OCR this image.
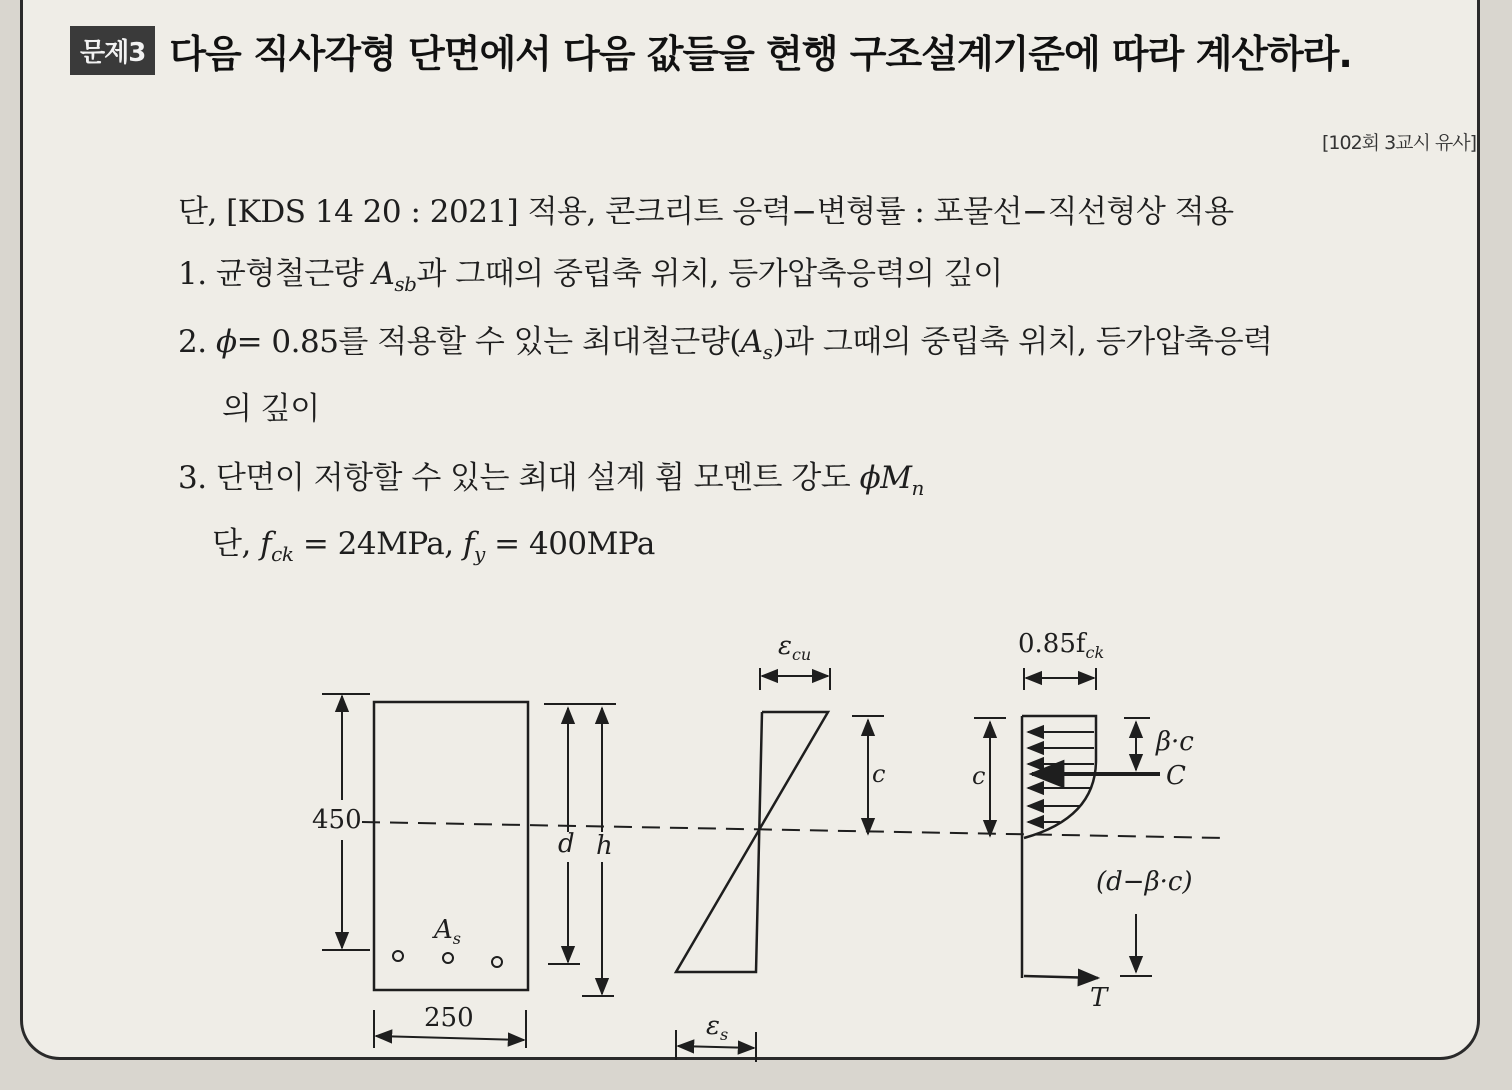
문제3 다음 직사각형 단면에서 다음 값들을 현행 구조설계기준에 따라 계산하라.
[102회 3교시 유사]
단, [KDS 14 20 : 2021] 적용, 콘크리트 응력−변형률 : 포물선−직선형상 적용
1. 균형철근량 $A_{sb}$과 그때의 중립축 위치, 등가압축응력의 깊이
2. ϕ= 0.85를 적용할 수 있는 최대철근량$(A_s)$과 그때의 중립축 위치, 등가압축응력
의 깊이
3. 단면이 저항할 수 있는 최대 설계 휨 모멘트 강도 $\phi M_n$
단, $f_{ck} = 24MPa$, $f_y = 400MPa$
450
250
$A_s$
d h
$\varepsilon_{cu}$
$\varepsilon_s$
c	c
$0.85f_{ck}$
β·c
C
T
(d−β·c)
